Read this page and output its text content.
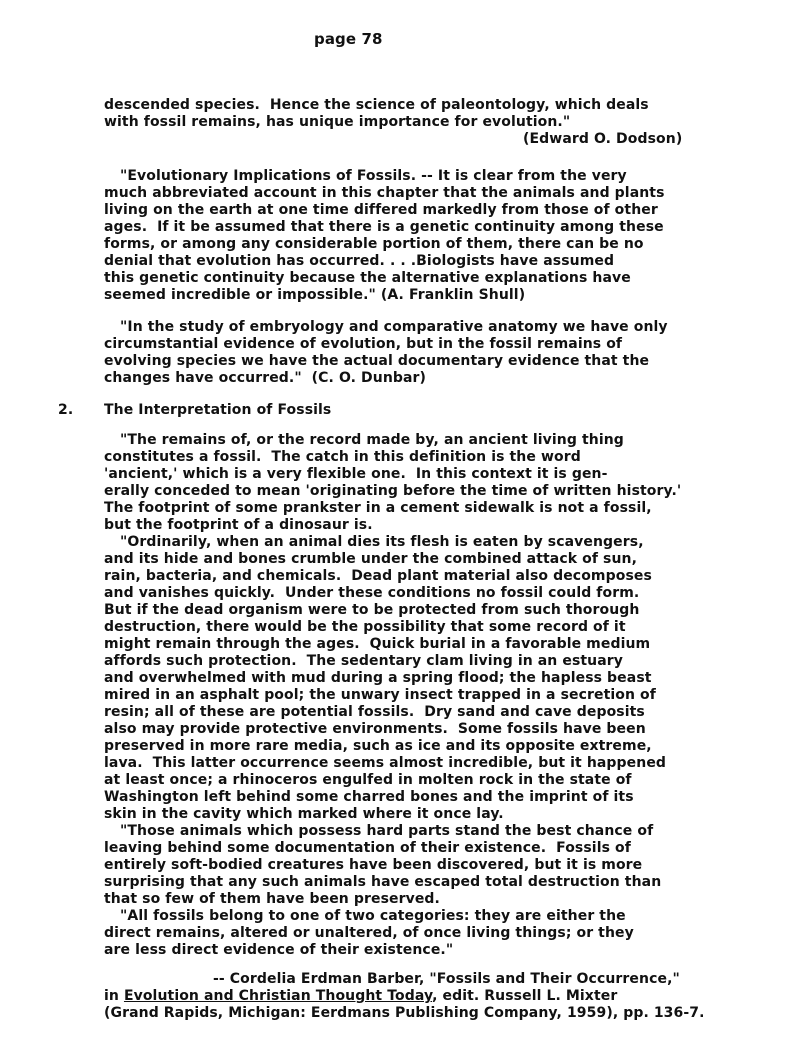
page 78
descended species.  Hence the science of paleontology, which deals
with fossil remains, has unique importance for evolution."
(Edward O. Dodson)
"Evolutionary Implications of Fossils. -- It is clear from the very
much abbreviated account in this chapter that the animals and plants
living on the earth at one time differed markedly from those of other
ages.  If it be assumed that there is a genetic continuity among these
forms, or among any considerable portion of them, there can be no
denial that evolution has occurred. . . .Biologists have assumed
this genetic continuity because the alternative explanations have
seemed incredible or impossible." (A. Franklin Shull)
"In the study of embryology and comparative anatomy we have only
circumstantial evidence of evolution, but in the fossil remains of
evolving species we have the actual documentary evidence that the
changes have occurred."  (C. O. Dunbar)
2. The Interpretation of Fossils
"The remains of, or the record made by, an ancient living thing
constitutes a fossil.  The catch in this definition is the word
'ancient,' which is a very flexible one.  In this context it is gen-
erally conceded to mean 'originating before the time of written history.'
The footprint of some prankster in a cement sidewalk is not a fossil,
but the footprint of a dinosaur is.
"Ordinarily, when an animal dies its flesh is eaten by scavengers,
and its hide and bones crumble under the combined attack of sun,
rain, bacteria, and chemicals.  Dead plant material also decomposes
and vanishes quickly.  Under these conditions no fossil could form.
But if the dead organism were to be protected from such thorough
destruction, there would be the possibility that some record of it
might remain through the ages.  Quick burial in a favorable medium
affords such protection.  The sedentary clam living in an estuary
and overwhelmed with mud during a spring flood; the hapless beast
mired in an asphalt pool; the unwary insect trapped in a secretion of
resin; all of these are potential fossils.  Dry sand and cave deposits
also may provide protective environments.  Some fossils have been
preserved in more rare media, such as ice and its opposite extreme,
lava.  This latter occurrence seems almost incredible, but it happened
at least once; a rhinoceros engulfed in molten rock in the state of
Washington left behind some charred bones and the imprint of its
skin in the cavity which marked where it once lay.
"Those animals which possess hard parts stand the best chance of
leaving behind some documentation of their existence.  Fossils of
entirely soft-bodied creatures have been discovered, but it is more
surprising that any such animals have escaped total destruction than
that so few of them have been preserved.
"All fossils belong to one of two categories: they are either the
direct remains, altered or unaltered, of once living things; or they
are less direct evidence of their existence."
-- Cordelia Erdman Barber, "Fossils and Their Occurrence,"
in Evolution and Christian Thought Today, edit. Russell L. Mixter
(Grand Rapids, Michigan: Eerdmans Publishing Company, 1959), pp. 136-7.
